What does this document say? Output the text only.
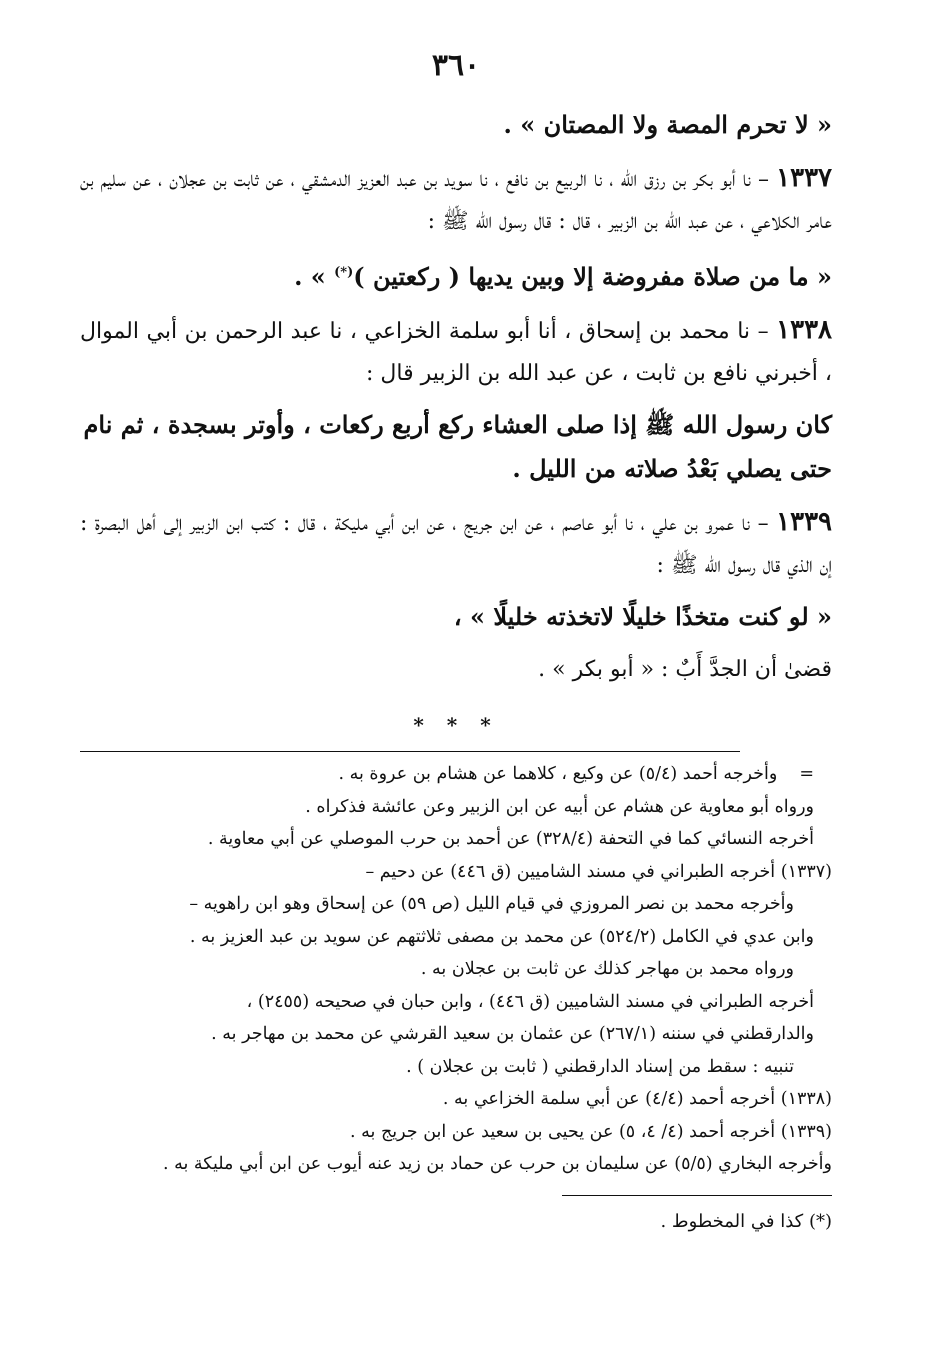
٣٦٠

« لا تحرم المصة ولا المصتان » .

١٣٣٧ – نا أبو بكر بن رزق الله ، نا الربيع بن نافع ، نا سويد بن عبد العزيز الدمشقي ، عن ثابت بن عجلان ، عن سليم بن عامر الكلاعي ، عن عبد الله بن الزبير ، قال : قال رسول الله ﷺ :

« ما من صلاة مفروضة إلا وبين يديها ( ركعتين )(*) » .

١٣٣٨ – نا محمد بن إسحاق ، أنا أبو سلمة الخزاعي ، نا عبد الرحمن بن أبي الموال ، أخبرني نافع بن ثابت ، عن عبد الله بن الزبير قال :

كان رسول الله ﷺ إذا صلى العشاء ركع أربع ركعات ، وأوتر بسجدة ، ثم نام حتى يصلي بَعْدُ صلاته من الليل .

١٣٣٩ – نا عمرو بن علي ، نا أبو عاصم ، عن ابن جريج ، عن ابن أبي مليكة ، قال : كتب ابن الزبير إلى أهل البصرة : إن الذي قال رسول الله ﷺ :

« لو كنت متخذًا خليلًا لاتخذته خليلًا » ،

قضىٰ أن الجدَّ أَبٌ : « أبو بكر » .

* * *
=وأخرجه أحمد (٥/٤) عن وكيع ، كلاهما عن هشام بن عروة به .
ورواه أبو معاوية عن هشام عن أبيه عن ابن الزبير وعن عائشة فذكراه .
أخرجه النسائي كما في التحفة (٣٢٨/٤) عن أحمد بن حرب الموصلي عن أبي معاوية .
(١٣٣٧) أخرجه الطبراني في مسند الشاميين (ق ٤٤٦) عن دحيم –
وأخرجه محمد بن نصر المروزي في قيام الليل (ص ٥٩) عن إسحاق وهو ابن راهويه –
وابن عدي في الكامل (٥٢٤/٢) عن محمد بن مصفى ثلاثتهم عن سويد بن عبد العزيز به .
ورواه محمد بن مهاجر كذلك عن ثابت بن عجلان به .
أخرجه الطبراني في مسند الشاميين (ق ٤٤٦) ، وابن حبان في صحيحه (٢٤٥٥) ،
والدارقطني في سننه (٢٦٧/١) عن عثمان بن سعيد القرشي عن محمد بن مهاجر به .
تنبيه : سقط من إسناد الدارقطني ( ثابت بن عجلان ) .
(١٣٣٨) أخرجه أحمد (٤/٤) عن أبي سلمة الخزاعي به .
(١٣٣٩) أخرجه أحمد (٤/ ٤، ٥) عن يحيى بن سعيد عن ابن جريج به .
وأخرجه البخاري (٥/٥) عن سليمان بن حرب عن حماد بن زيد عنه أيوب عن ابن أبي مليكة به .
(*) كذا في المخطوط .
